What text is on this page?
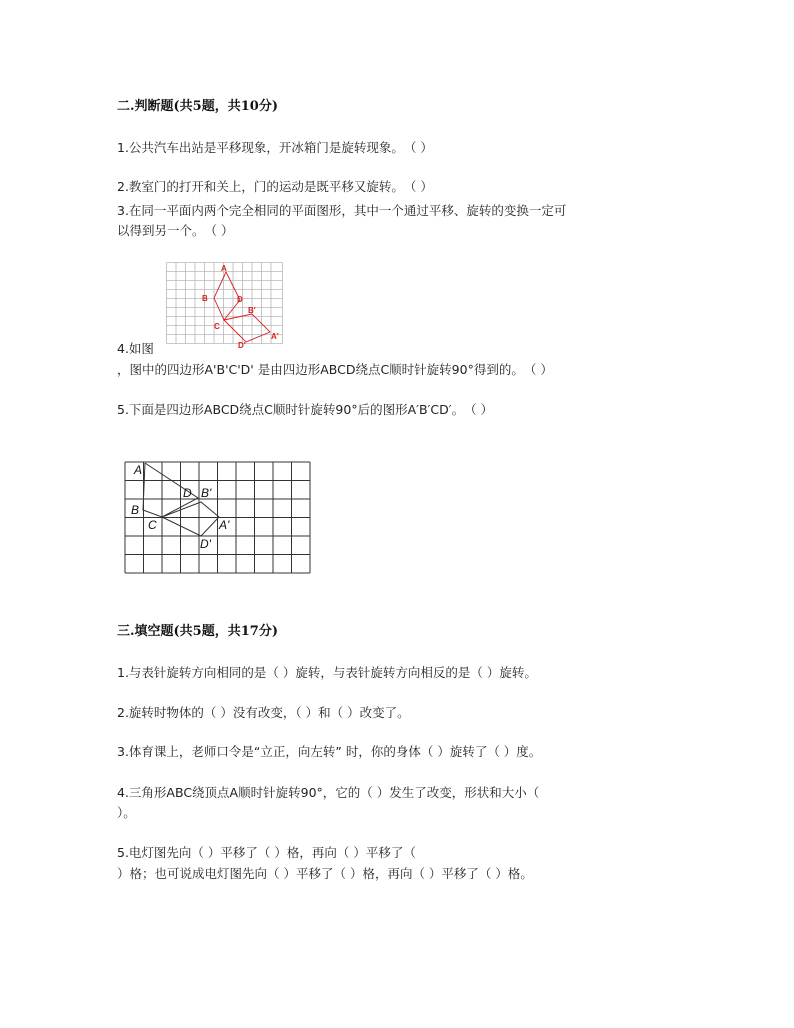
二.判断题(共5题，共10分)
1.公共汽车出站是平移现象，开冰箱门是旋转现象。　（ ）
2.教室门的打开和关上，门的运动是既平移又旋转。　（ ）
3.在同一平面内两个完全相同的平面图形，其中一个通过平移、旋转的变换一定可
以得到另一个。　（ ）
A
B	D
B'
C
A'
D'
4.如图
，图中的四边形A'B'C'D' 是由四边形ABCD绕点C顺时针旋转90°得到的。　（ ）
5.下面是四边形ABCD绕点C顺时针旋转90°后的图形A′B′CD′。　（ ）
A
D B'
B
C	A'
D'
三.填空题(共5题，共17分)
1.与表针旋转方向相同的是（ ）旋转，与表针旋转方向相反的是（ ）旋转。
2.旋转时物体的（ ）没有改变，（ ）和（ ）改变了。
3.体育课上，老师口令是“立正，向左转” 时，你的身体（ ）旋转了（ ）度。
4.三角形ABC绕顶点A顺时针旋转90°，它的（ ）发生了改变，形状和大小（
）。
5.电灯图先向（ ）平移了（ ）格，再向（ ）平移了（
）格；也可说成电灯图先向（ ）平移了（ ）格，再向（ ）平移了（ ）格。
